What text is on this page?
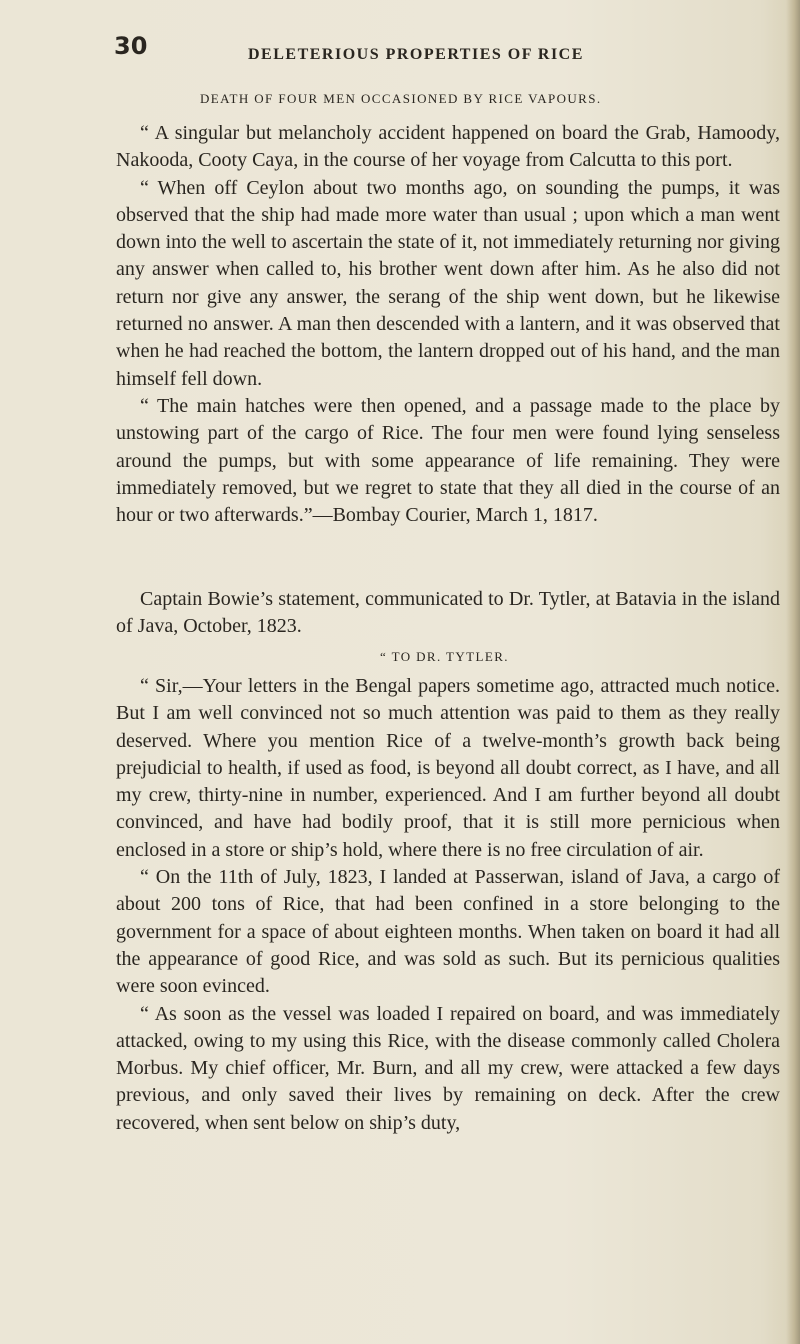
30	DELETERIOUS PROPERTIES OF RICE
DEATH OF FOUR MEN OCCASIONED BY RICE VAPOURS.

“ A singular but melancholy accident happened on board the Grab, Hamoody, Nakooda, Cooty Caya, in the course of her voyage from Calcutta to this port.

“ When off Ceylon about two months ago, on sounding the pumps, it was observed that the ship had made more water than usual ; upon which a man went down into the well to ascertain the state of it, not immediately returning nor giving any answer when called to, his brother went down after him. As he also did not return nor give any answer, the serang of the ship went down, but he likewise returned no answer. A man then descended with a lantern, and it was observed that when he had reached the bottom, the lantern dropped out of his hand, and the man himself fell down.

“ The main hatches were then opened, and a passage made to the place by unstowing part of the cargo of Rice. The four men were found lying senseless around the pumps, but with some appearance of life remaining. They were immediately removed, but we regret to state that they all died in the course of an hour or two afterwards.”—Bombay Courier, March 1, 1817.

Captain Bowie’s statement, communicated to Dr. Tytler, at Batavia in the island of Java, October, 1823.

“ TO DR. TYTLER.

“ Sir,—Your letters in the Bengal papers sometime ago, attracted much notice. But I am well convinced not so much attention was paid to them as they really deserved. Where you mention Rice of a twelve-month’s growth back being prejudicial to health, if used as food, is beyond all doubt correct, as I have, and all my crew, thirty-nine in number, experienced. And I am further beyond all doubt convinced, and have had bodily proof, that it is still more pernicious when enclosed in a store or ship’s hold, where there is no free circulation of air.

“ On the 11th of July, 1823, I landed at Passerwan, island of Java, a cargo of about 200 tons of Rice, that had been confined in a store belonging to the government for a space of about eighteen months. When taken on board it had all the appearance of good Rice, and was sold as such. But its pernicious qualities were soon evinced.

“ As soon as the vessel was loaded I repaired on board, and was immediately attacked, owing to my using this Rice, with the disease commonly called Cholera Morbus. My chief officer, Mr. Burn, and all my crew, were attacked a few days previous, and only saved their lives by remaining on deck. After the crew recovered, when sent below on ship’s duty,
